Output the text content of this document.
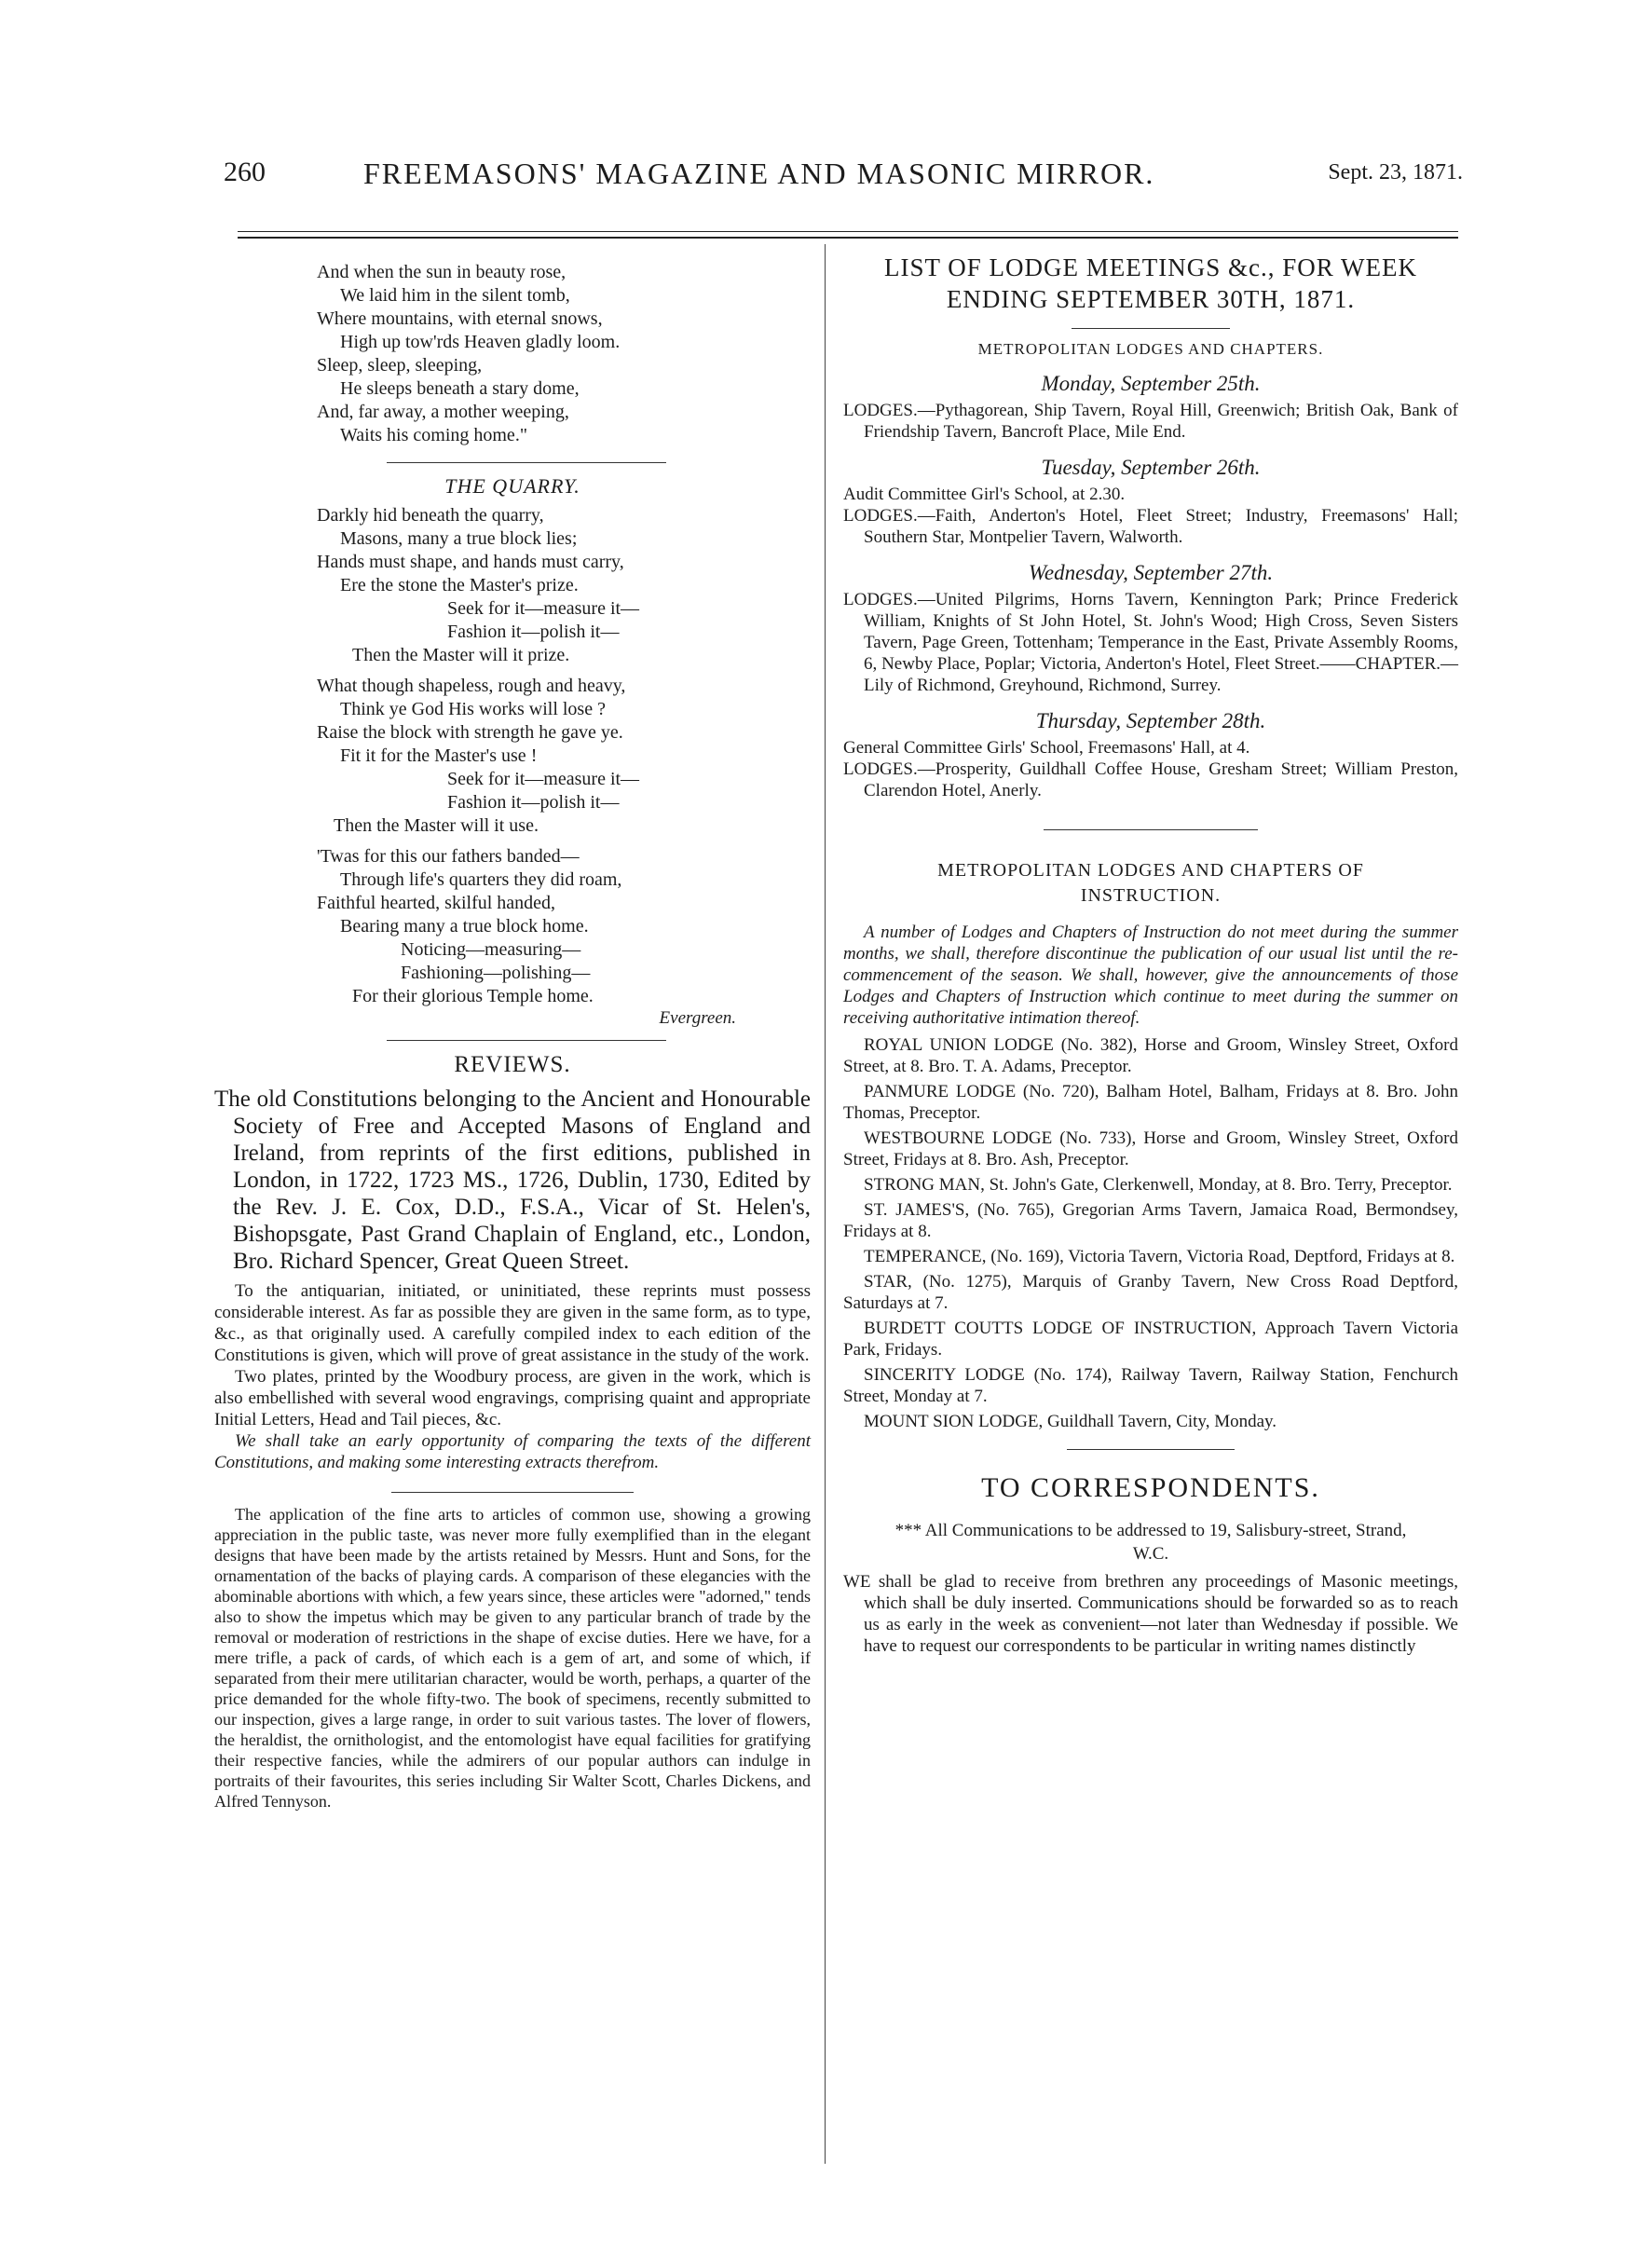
260	FREEMASONS' MAGAZINE AND MASONIC MIRROR.	Sept. 23, 1871.
And when the sun in beauty rose,
We laid him in the silent tomb,
Where mountains, with eternal snows,
High up tow'rds Heaven gladly loom.
Sleep, sleep, sleeping,
He sleeps beneath a stary dome,
And, far away, a mother weeping,
Waits his coming home."
THE QUARRY.
Darkly hid beneath the quarry,
Masons, many a true block lies;
Hands must shape, and hands must carry,
Ere the stone the Master's prize.
Seek for it—measure it—
Fashion it—polish it—
Then the Master will it prize.
What though shapeless, rough and heavy,
Think ye God His works will lose ?
Raise the block with strength he gave ye.
Fit it for the Master's use !
Seek for it—measure it—
Fashion it—polish it—
Then the Master will it use.
'Twas for this our fathers banded—
Through life's quarters they did roam,
Faithful hearted, skilful handed,
Bearing many a true block home.
Noticing—measuring—
Fashioning—polishing—
For their glorious Temple home.
Evergreen.
REVIEWS.
The old Constitutions belonging to the Ancient and Honourable Society of Free and Accepted Masons of England and Ireland, from reprints of the first editions, published in London, in 1722, 1723 MS., 1726, Dublin, 1730, Edited by the Rev. J. E. Cox, D.D., F.S.A., Vicar of St. Helen's, Bishopsgate, Past Grand Chaplain of England, etc., London, Bro. Richard Spencer, Great Queen Street.

To the antiquarian, initiated, or uninitiated, these reprints must possess considerable interest. As far as possible they are given in the same form, as to type, &c., as that originally used. A carefully compiled index to each edition of the Constitutions is given, which will prove of great assistance in the study of the work.

Two plates, printed by the Woodbury process, are given in the work, which is also embellished with several wood engravings, comprising quaint and appropriate Initial Letters, Head and Tail pieces, &c.

We shall take an early opportunity of comparing the texts of the different Constitutions, and making some interesting extracts therefrom.

The application of the fine arts to articles of common use, showing a growing appreciation in the public taste, was never more fully exemplified than in the elegant designs that have been made by the artists retained by Messrs. Hunt and Sons, for the ornamentation of the backs of playing cards. A comparison of these elegancies with the abominable abortions with which, a few years since, these articles were "adorned," tends also to show the impetus which may be given to any particular branch of trade by the removal or moderation of restrictions in the shape of excise duties. Here we have, for a mere trifle, a pack of cards, of which each is a gem of art, and some of which, if separated from their mere utilitarian character, would be worth, perhaps, a quarter of the price demanded for the whole fifty-two. The book of specimens, recently submitted to our inspection, gives a large range, in order to suit various tastes. The lover of flowers, the heraldist, the ornithologist, and the entomologist have equal facilities for gratifying their respective fancies, while the admirers of our popular authors can indulge in portraits of their favourites, this series including Sir Walter Scott, Charles Dickens, and Alfred Tennyson.

LIST OF LODGE MEETINGS &c., FOR WEEK ENDING SEPTEMBER 30TH, 1871.
METROPOLITAN LODGES AND CHAPTERS.
Monday, September 25th.
LODGES.—Pythagorean, Ship Tavern, Royal Hill, Greenwich; British Oak, Bank of Friendship Tavern, Bancroft Place, Mile End.
Tuesday, September 26th.
Audit Committee Girl's School, at 2.30.
LODGES.—Faith, Anderton's Hotel, Fleet Street; Industry, Freemasons' Hall; Southern Star, Montpelier Tavern, Walworth.
Wednesday, September 27th.
LODGES.—United Pilgrims, Horns Tavern, Kennington Park; Prince Frederick William, Knights of St John Hotel, St. John's Wood; High Cross, Seven Sisters Tavern, Page Green, Tottenham; Temperance in the East, Private Assembly Rooms, 6, Newby Place, Poplar; Victoria, Anderton's Hotel, Fleet Street.——CHAPTER.—Lily of Richmond, Greyhound, Richmond, Surrey.
Thursday, September 28th.
General Committee Girls' School, Freemasons' Hall, at 4.
LODGES.—Prosperity, Guildhall Coffee House, Gresham Street; William Preston, Clarendon Hotel, Anerly.
METROPOLITAN LODGES AND CHAPTERS OF INSTRUCTION.

A number of Lodges and Chapters of Instruction do not meet during the summer months, we shall, therefore discontinue the publication of our usual list until the re-commencement of the season. We shall, however, give the announcements of those Lodges and Chapters of Instruction which continue to meet during the summer on receiving authoritative intimation thereof.

ROYAL UNION LODGE (No. 382), Horse and Groom, Winsley Street, Oxford Street, at 8. Bro. T. A. Adams, Preceptor.

PANMURE LODGE (No. 720), Balham Hotel, Balham, Fridays at 8. Bro. John Thomas, Preceptor.

WESTBOURNE LODGE (No. 733), Horse and Groom, Winsley Street, Oxford Street, Fridays at 8. Bro. Ash, Preceptor.

STRONG MAN, St. John's Gate, Clerkenwell, Monday, at 8. Bro. Terry, Preceptor.

ST. JAMES'S, (No. 765), Gregorian Arms Tavern, Jamaica Road, Bermondsey, Fridays at 8.

TEMPERANCE, (No. 169), Victoria Tavern, Victoria Road, Deptford, Fridays at 8.

STAR, (No. 1275), Marquis of Granby Tavern, New Cross Road Deptford, Saturdays at 7.

BURDETT COUTTS LODGE OF INSTRUCTION, Approach Tavern Victoria Park, Fridays.

SINCERITY LODGE (No. 174), Railway Tavern, Railway Station, Fenchurch Street, Monday at 7.

MOUNT SION LODGE, Guildhall Tavern, City, Monday.

TO CORRESPONDENTS.
*** All Communications to be addressed to 19, Salisbury-street, Strand, W.C.

WE shall be glad to receive from brethren any proceedings of Masonic meetings, which shall be duly inserted. Communications should be forwarded so as to reach us as early in the week as convenient—not later than Wednesday if possible. We have to request our correspondents to be particular in writing names distinctly
